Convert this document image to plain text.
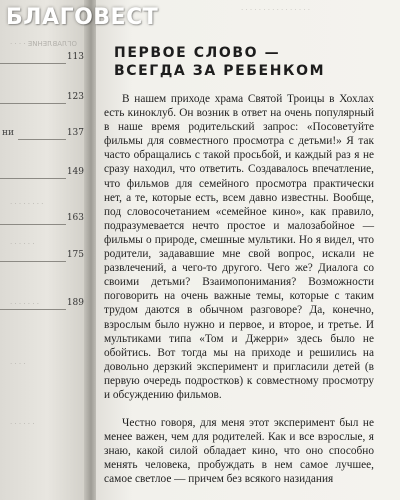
ОГЛАВЛЕНИЕ · · · ·
· · · · · · · ·
· · · · · ·
· · · · · · ·
· · · ·
· · · · · ·
113
123
ни	137
149
163
175
189
· · · · · · · · · · · · · · · ·
ПЕРВОЕ СЛОВО —
ВСЕГДА ЗА РЕБЕНКОМ

В нашем приходе храма Святой Троицы в Хохлах есть киноклуб. Он возник в ответ на очень популярный в наше время родительский запрос: «Посоветуйте фильмы для совместного просмотра с детьми!» Я так часто обращались с такой просьбой, и каждый раз я не сразу находил, что ответить. Создавалось впечатление, что фильмов для семейного просмотра практически нет, а те, которые есть, всем давно известны. Вообще, под словосочетанием «семейное кино», как правило, подразумевается нечто простое и малозабойное — фильмы о природе, смешные мультики. Но я видел, что родители, задававшие мне свой вопрос, искали не развлечений, а чего-то другого. Чего же? Диалога со своими детьми? Взаимопонимания? Возможности поговорить на очень важные темы, которые с таким трудом даются в обычном разговоре? Да, конечно, взрослым было нужно и первое, и второе, и третье. И мультиками типа «Том и Джерри» здесь было не обойтись. Вот тогда мы на приходе и решились на довольно дерзкий эксперимент и пригласили детей (в первую очередь подростков) к совместному просмотру и обсуждению фильмов.

Честно говоря, для меня этот эксперимент был не менее важен, чем для родителей. Как и все взрослые, я знаю, какой силой обладает кино, что оно способно менять человека, пробуждать в нем самое лучшее, самое светлое — причем без всякого назидания

БЛАГОВЕСТ
